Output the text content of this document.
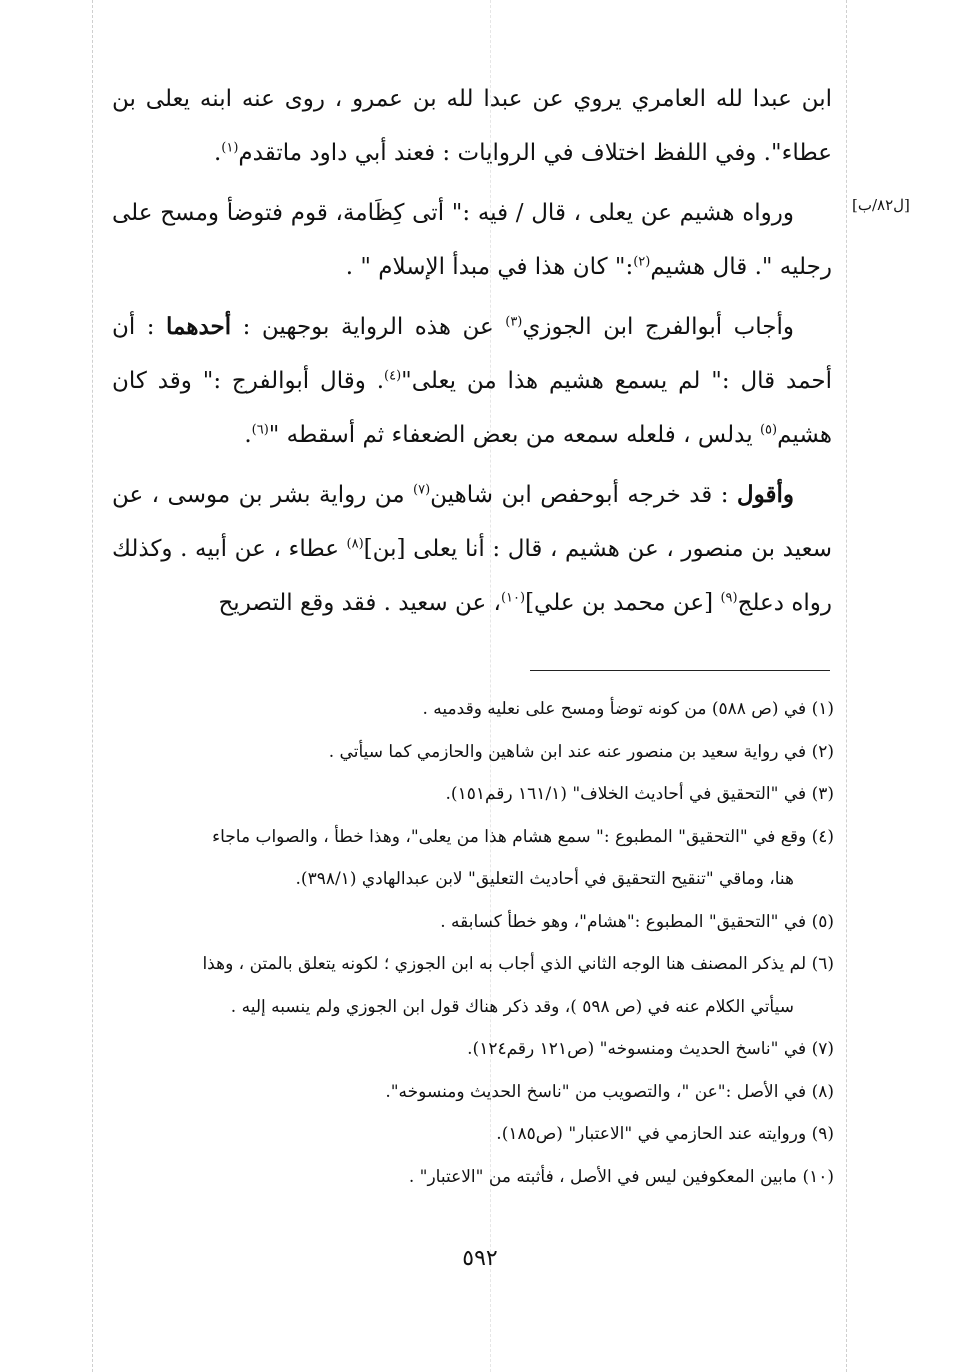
[ل٨٢/ب]

ابن عبدا لله العامري يروي عن عبدا لله بن عمرو ، روى عنه ابنه يعلى بن عطاء". وفي اللفظ اختلاف في الروايات : فعند أبي داود ماتقدم$^{(١)}$.

ورواه هشيم عن يعلى ، قال / فيه :" أتى كِظَامة، قوم فتوضأ ومسح على رجليه ". قال هشيم$^{(٢)}$:" كان هذا في مبدأ الإسلام " .

وأجاب أبوالفرج ابن الجوزي$^{(٣)}$ عن هذه الرواية بوجهين : أحدهما : أن أحمد قال :" لم يسمع هشيم هذا من يعلى"$^{(٤)}$. وقال أبوالفرج :" وقد كان هشيم$^{(٥)}$ يدلس ، فلعله سمعه من بعض الضعفاء ثم أسقطه "$^{(٦)}$.

وأقول : قد خرجه أبوحفص ابن شاهين$^{(٧)}$ من رواية بشر بن موسى ، عن سعيد بن منصور ، عن هشيم ، قال : أنا يعلى [بن]$^{(٨)}$ عطاء ، عن أبيه . وكذلك رواه دعلج$^{(٩)}$ [عن محمد بن علي]$^{(١٠)}$، عن سعيد . فقد وقع التصريح

(١) في (ص ٥٨٨) من كونه توضأ ومسح على نعليه وقدميه .

(٢) في رواية سعيد بن منصور عنه عند ابن شاهين والحازمي كما سيأتي .

(٣) في "التحقيق في أحاديث الخلاف" (١٦١/١ رقم١٥١).

(٤) وقع في "التحقيق" المطبوع :" سمع هشام هذا من يعلى"، وهذا خطأ ، والصواب ماجاء
هنا، وماقي "تنقيح التحقيق في أحاديث التعليق" لابن عبدالهادي (٣٩٨/١).

(٥) في "التحقيق" المطبوع :"هشام"، وهو خطأ كسابقه .

(٦) لم يذكر المصنف هنا الوجه الثاني الذي أجاب به ابن الجوزي ؛ لكونه يتعلق بالمتن ، وهذا
سيأتي الكلام عنه في (ص ٥٩٨ )، وقد ذكر هناك قول ابن الجوزي ولم ينسبه إليه .

(٧) في "ناسخ الحديث ومنسوخه" (ص١٢١ رقم١٢٤).

(٨) في الأصل :"عن "، والتصويب من "ناسخ الحديث ومنسوخه".

(٩) وروايته عند الحازمي في "الاعتبار" (ص١٨٥).

(١٠) مابين المعكوفين ليس في الأصل ، فأثبته من "الاعتبار" .

٥٩٢
